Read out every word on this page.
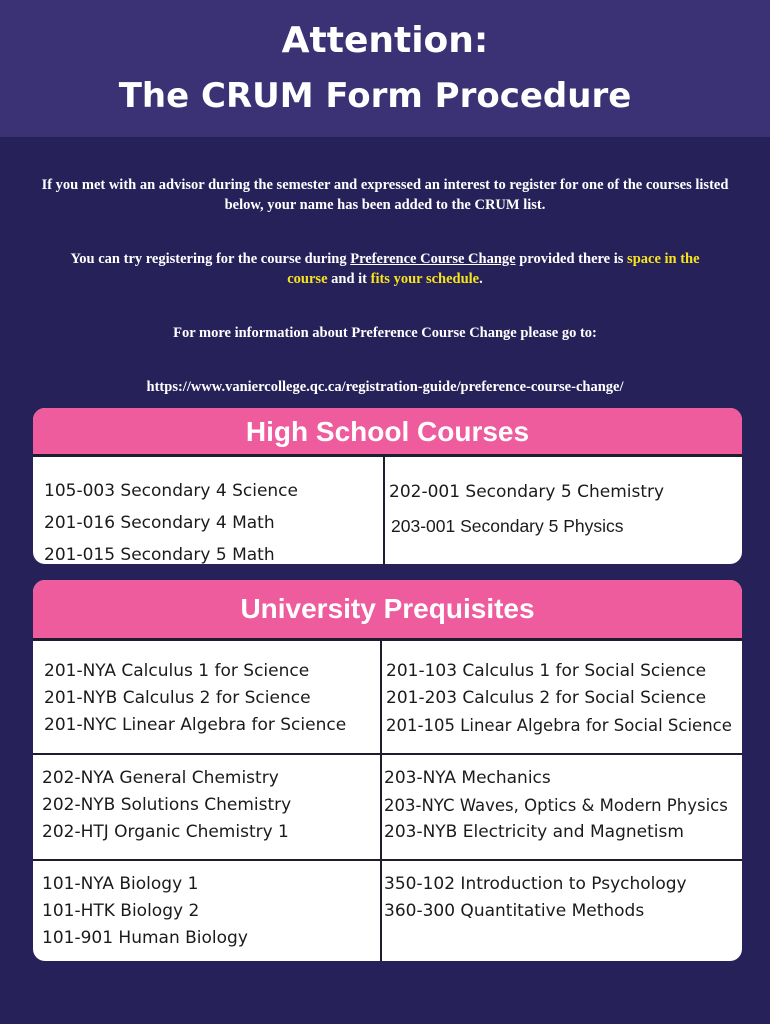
Attention:
The CRUM Form Procedure
If you met with an advisor during the semester and expressed an interest to register for one of the courses listed below, your name has been added to the CRUM list.
You can try registering for the course during Preference Course Change provided there is space in the course and it fits your schedule.
For more information about Preference Course Change please go to:
https://www.vaniercollege.qc.ca/registration-guide/preference-course-change/
High School Courses
105-003 Secondary 4 Science
201-016 Secondary 4 Math
201-015 Secondary 5 Math
202-001 Secondary 5 Chemistry
203-001 Secondary 5 Physics
University Prequisites
201-NYA Calculus 1 for Science
201-NYB Calculus 2 for Science
201-NYC Linear Algebra for Science
201-103 Calculus 1 for Social Science
201-203 Calculus 2 for Social Science
201-105 Linear Algebra for Social Science
202-NYA General Chemistry
202-NYB Solutions Chemistry
202-HTJ Organic Chemistry 1
203-NYA Mechanics
203-NYC Waves, Optics & Modern Physics
203-NYB Electricity and Magnetism
101-NYA Biology 1
101-HTK Biology 2
101-901 Human Biology
350-102 Introduction to Psychology
360-300 Quantitative Methods
